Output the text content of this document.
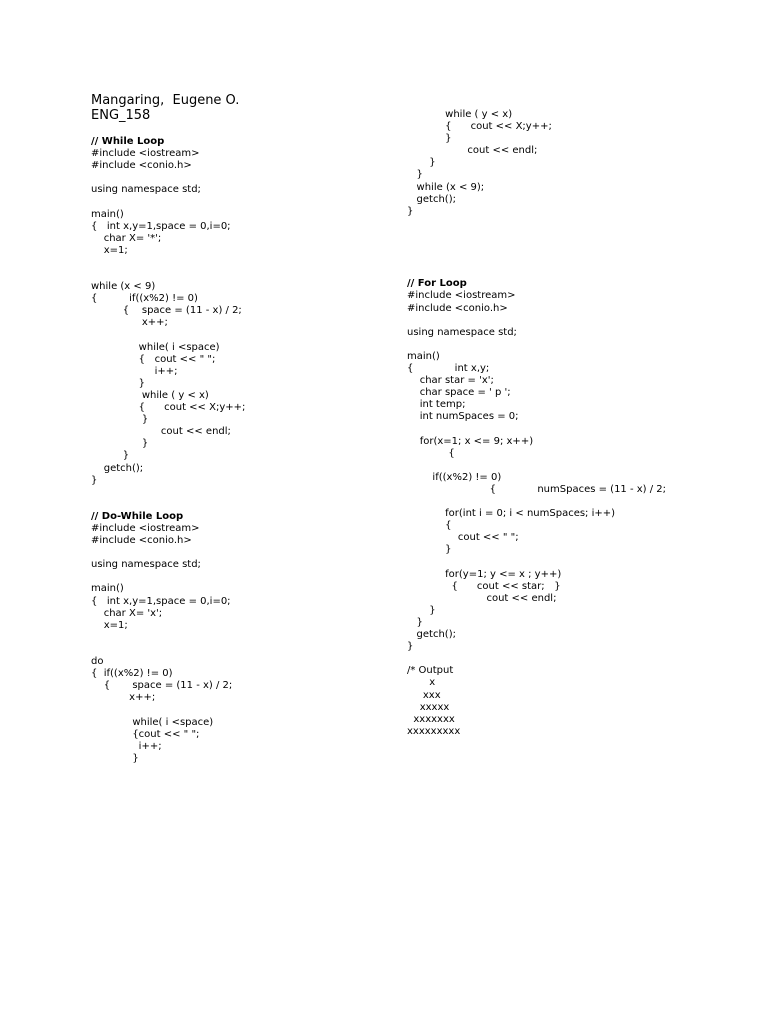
Mangaring,  Eugene O.
ENG_158
// While Loop
#include <iostream>
#include <conio.h>
using namespace std;
main()
{   int x,y=1,space = 0,i=0;
char X= '*';
x=1;
while (x < 9)
{          if((x%2) != 0)
{    space = (11 - x) / 2;
x++;
while( i <space)
{   cout << " ";
i++;
}
while ( y < x)
{      cout << X;y++;
}
cout << endl;
}
}
getch();
}
// Do-While Loop
#include <iostream>
#include <conio.h>
using namespace std;
main()
{   int x,y=1,space = 0,i=0;
char X= 'x';
x=1;
do
{  if((x%2) != 0)
{       space = (11 - x) / 2;
x++;
while( i <space)
{cout << " ";
i++;
}
while ( y < x)
{      cout << X;y++;
}
cout << endl;
}
}
while (x < 9);
getch();
}
// For Loop
#include <iostream>
#include <conio.h>
using namespace std;
main()
{             int x,y;
char star = 'x';
char space = ' p ';
int temp;
int numSpaces = 0;
for(x=1; x <= 9; x++)
{
if((x%2) != 0)
{             numSpaces = (11 - x) / 2;
for(int i = 0; i < numSpaces; i++)
{
cout << " ";
}
for(y=1; y <= x ; y++)
{      cout << star;   }
cout << endl;
}
}
getch();
}
/* Output
x
xxx
xxxxx
xxxxxxx
xxxxxxxxx
